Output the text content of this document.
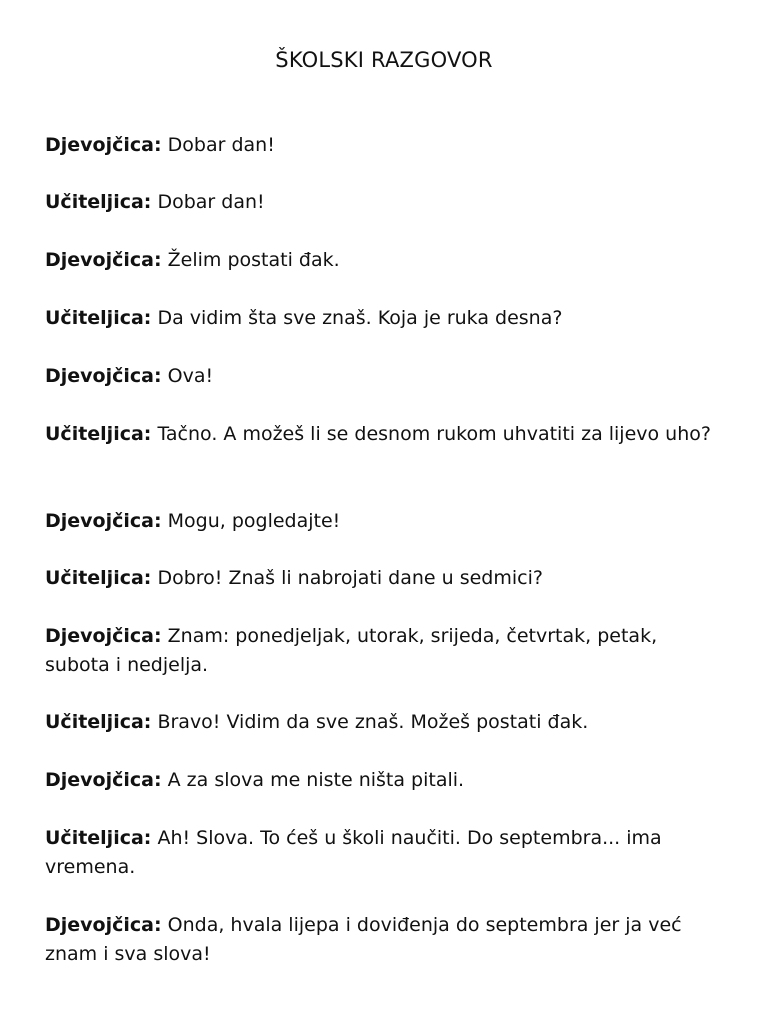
ŠKOLSKI RAZGOVOR
Djevojčica: Dobar dan!
Učiteljica: Dobar dan!
Djevojčica: Želim postati đak.
Učiteljica: Da vidim šta sve znaš. Koja je ruka desna?
Djevojčica: Ova!
Učiteljica: Tačno. A možeš li se desnom rukom uhvatiti za lijevo uho?
Djevojčica: Mogu, pogledajte!
Učiteljica: Dobro! Znaš li nabrojati dane u sedmici?
Djevojčica: Znam: ponedjeljak, utorak, srijeda, četvrtak, petak, subota i nedjelja.
Učiteljica: Bravo! Vidim da sve znaš. Možeš postati đak.
Djevojčica: A za slova me niste ništa pitali.
Učiteljica: Ah! Slova. To ćeš u školi naučiti. Do septembra... ima vremena.
Djevojčica: Onda, hvala lijepa i doviđenja do septembra jer ja već znam i sva slova!
